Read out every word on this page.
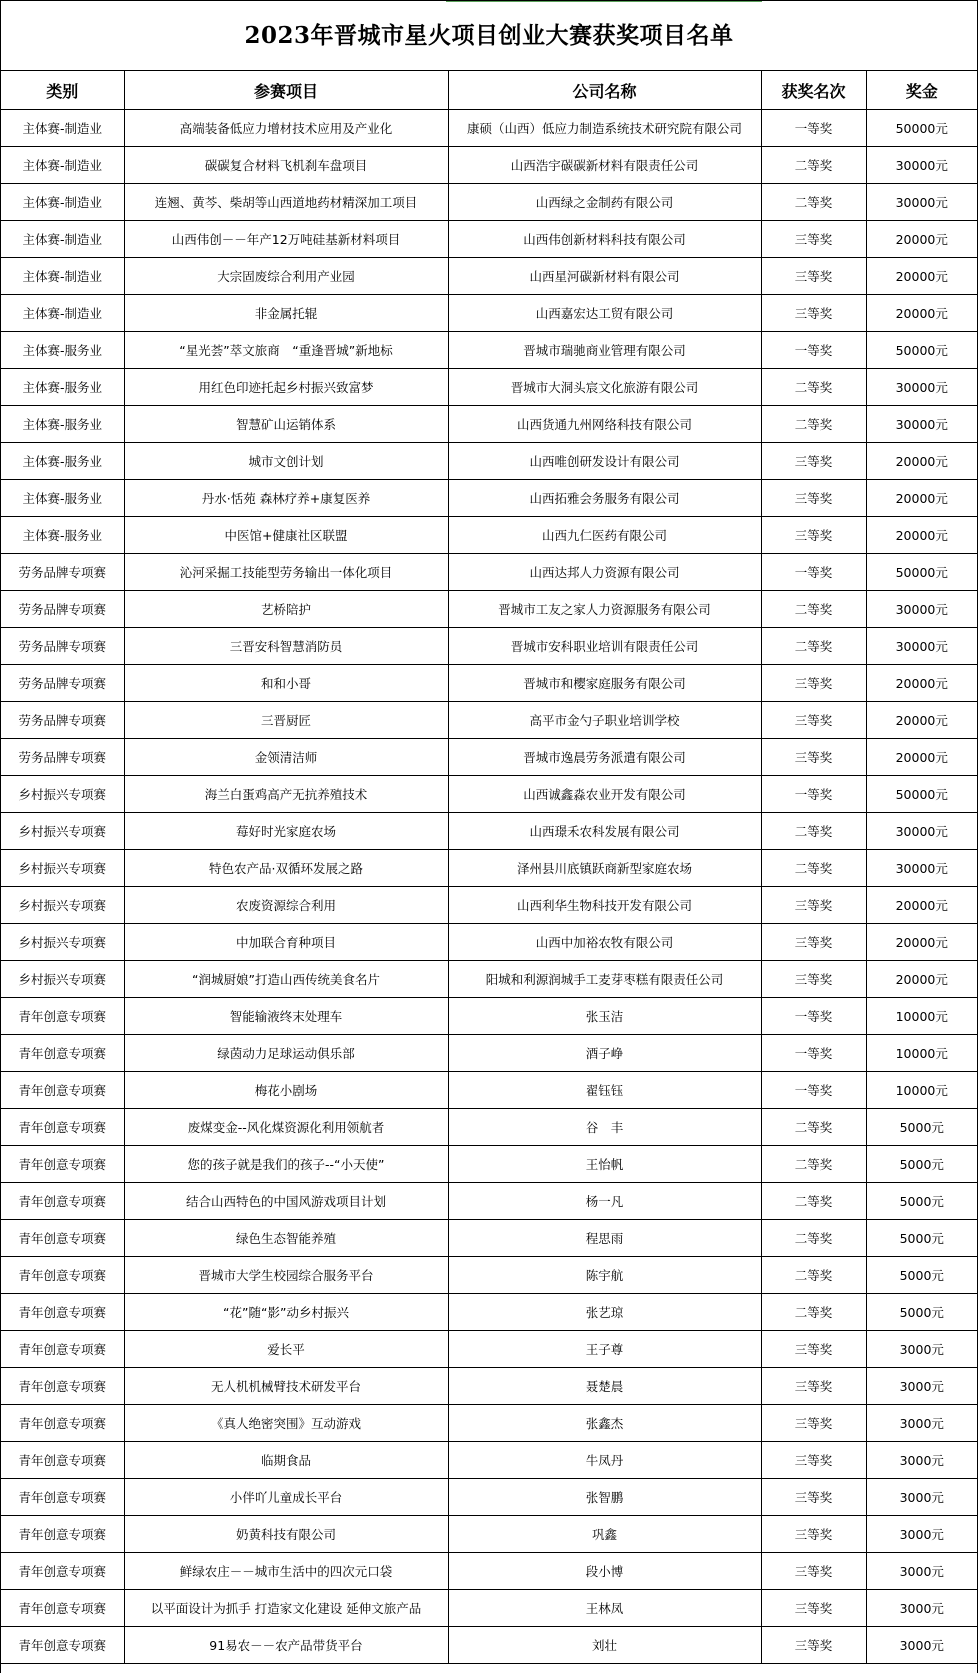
2023年晋城市星火项目创业大赛获奖项目名单
类别	参赛项目	公司名称	获奖名次	奖金
主体赛-制造业	高端装备低应力增材技术应用及产业化	康硕（山西）低应力制造系统技术研究院有限公司	一等奖	50000元
主体赛-制造业	碳碳复合材料飞机刹车盘项目	山西浩宇碳碳新材料有限责任公司	二等奖	30000元
主体赛-制造业	连翘、黄芩、柴胡等山西道地药材精深加工项目	山西绿之金制药有限公司	二等奖	30000元
主体赛-制造业	山西伟创－－年产12万吨硅基新材料项目	山西伟创新材料科技有限公司	三等奖	20000元
主体赛-制造业	大宗固废综合利用产业园	山西星河碳新材料有限公司	三等奖	20000元
主体赛-制造业	非金属托辊	山西嘉宏达工贸有限公司	三等奖	20000元
主体赛-服务业	“星光荟”萃文旅商　“重逢晋城”新地标	晋城市瑞驰商业管理有限公司	一等奖	50000元
主体赛-服务业	用红色印迹托起乡村振兴致富梦	晋城市大洞头宸文化旅游有限公司	二等奖	30000元
主体赛-服务业	智慧矿山运销体系	山西货通九州网络科技有限公司	二等奖	30000元
主体赛-服务业	城市文创计划	山西唯创研发设计有限公司	三等奖	20000元
主体赛-服务业	丹水·恬苑 森林疗养+康复医养	山西拓雅会务服务有限公司	三等奖	20000元
主体赛-服务业	中医馆+健康社区联盟	山西九仁医药有限公司	三等奖	20000元
劳务品牌专项赛	沁河采掘工技能型劳务输出一体化项目	山西达邦人力资源有限公司	一等奖	50000元
劳务品牌专项赛	艺桥陪护	晋城市工友之家人力资源服务有限公司	二等奖	30000元
劳务品牌专项赛	三晋安科智慧消防员	晋城市安科职业培训有限责任公司	二等奖	30000元
劳务品牌专项赛	和和小哥	晋城市和樱家庭服务有限公司	三等奖	20000元
劳务品牌专项赛	三晋厨匠	高平市金勺子职业培训学校	三等奖	20000元
劳务品牌专项赛	金领清洁师	晋城市逸晨劳务派遣有限公司	三等奖	20000元
乡村振兴专项赛	海兰白蛋鸡高产无抗养殖技术	山西诚鑫淼农业开发有限公司	一等奖	50000元
乡村振兴专项赛	莓好时光家庭农场	山西璟禾农科发展有限公司	二等奖	30000元
乡村振兴专项赛	特色农产品·双循环发展之路	泽州县川底镇跃商新型家庭农场	二等奖	30000元
乡村振兴专项赛	农废资源综合利用	山西利华生物科技开发有限公司	三等奖	20000元
乡村振兴专项赛	中加联合育种项目	山西中加裕农牧有限公司	三等奖	20000元
乡村振兴专项赛	“润城厨娘”打造山西传统美食名片	阳城和利源润城手工麦芽枣糕有限责任公司	三等奖	20000元
青年创意专项赛	智能输液终末处理车	张玉洁	一等奖	10000元
青年创意专项赛	绿茵动力足球运动俱乐部	酒子峥	一等奖	10000元
青年创意专项赛	梅花小剧场	翟钰钰	一等奖	10000元
青年创意专项赛	废煤变金--风化煤资源化利用领航者	谷　丰	二等奖	5000元
青年创意专项赛	您的孩子就是我们的孩子--“小天使”	王怡帆	二等奖	5000元
青年创意专项赛	结合山西特色的中国风游戏项目计划	杨一凡	二等奖	5000元
青年创意专项赛	绿色生态智能养殖	程思雨	二等奖	5000元
青年创意专项赛	晋城市大学生校园综合服务平台	陈宇航	二等奖	5000元
青年创意专项赛	“花”随“影”动乡村振兴	张艺琼	二等奖	5000元
青年创意专项赛	爱长平	王子尊	三等奖	3000元
青年创意专项赛	无人机机械臂技术研发平台	聂楚晨	三等奖	3000元
青年创意专项赛	《真人绝密突围》互动游戏	张鑫杰	三等奖	3000元
青年创意专项赛	临期食品	牛凤丹	三等奖	3000元
青年创意专项赛	小伴吖儿童成长平台	张智鹏	三等奖	3000元
青年创意专项赛	奶黄科技有限公司	巩鑫	三等奖	3000元
青年创意专项赛	鲜绿农庄－－城市生活中的四次元口袋	段小博	三等奖	3000元
青年创意专项赛	以平面设计为抓手 打造家文化建设 延伸文旅产品	王林凤	三等奖	3000元
青年创意专项赛	91易农－－农产品带货平台	刘壮	三等奖	3000元
